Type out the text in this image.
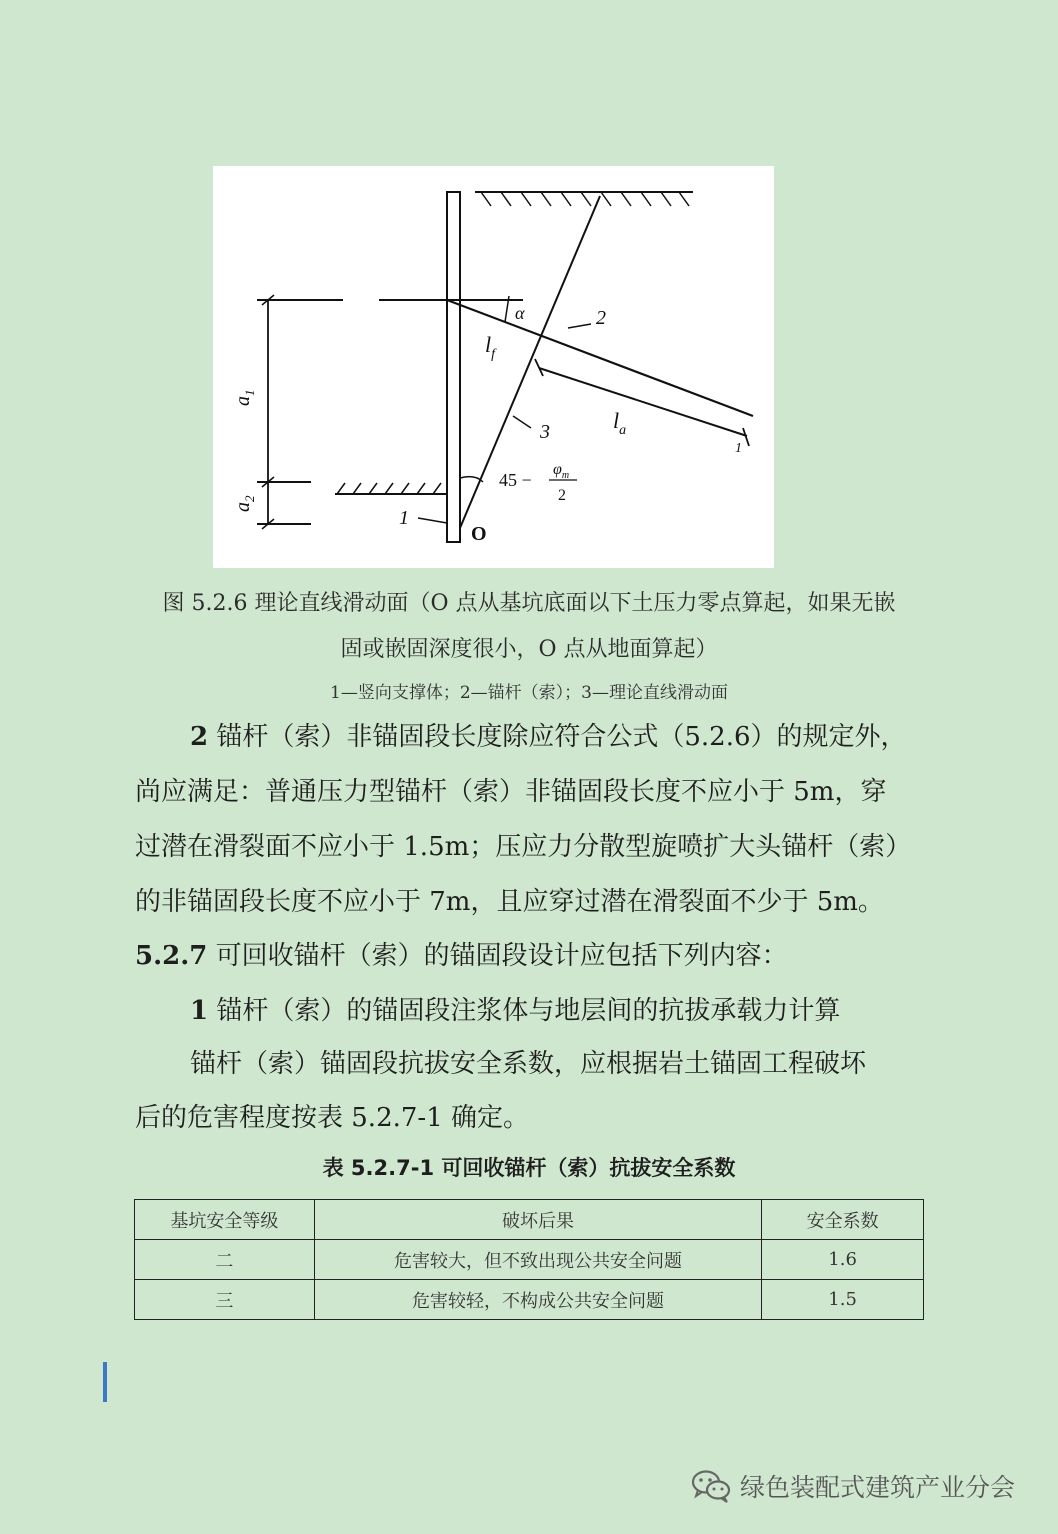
α
$l_f$
$l_a$
2
3
1
1
45 −
$\varphi_m$
2
O
$a_1$
$a_2$
图 5.2.6 理论直线滑动面（O 点从基坑底面以下土压力零点算起，如果无嵌
固或嵌固深度很小，O 点从地面算起）
1—竖向支撑体；2—锚杆（索）；3—理论直线滑动面
2 锚杆（索）非锚固段长度除应符合公式（5.2.6）的规定外，
尚应满足：普通压力型锚杆（索）非锚固段长度不应小于 5m，穿
过潜在滑裂面不应小于 1.5m；压应力分散型旋喷扩大头锚杆（索）
的非锚固段长度不应小于 7m，且应穿过潜在滑裂面不少于 5m。
5.2.7 可回收锚杆（索）的锚固段设计应包括下列内容：
1 锚杆（索）的锚固段注浆体与地层间的抗拔承载力计算
锚杆（索）锚固段抗拔安全系数，应根据岩土锚固工程破坏
后的危害程度按表 5.2.7-1 确定。
表 5.2.7-1 可回收锚杆（索）抗拔安全系数
基坑安全等级	破坏后果	安全系数
二	危害较大，但不致出现公共安全问题	1.6
三	危害较轻，不构成公共安全问题	1.5
绿色装配式建筑产业分会
